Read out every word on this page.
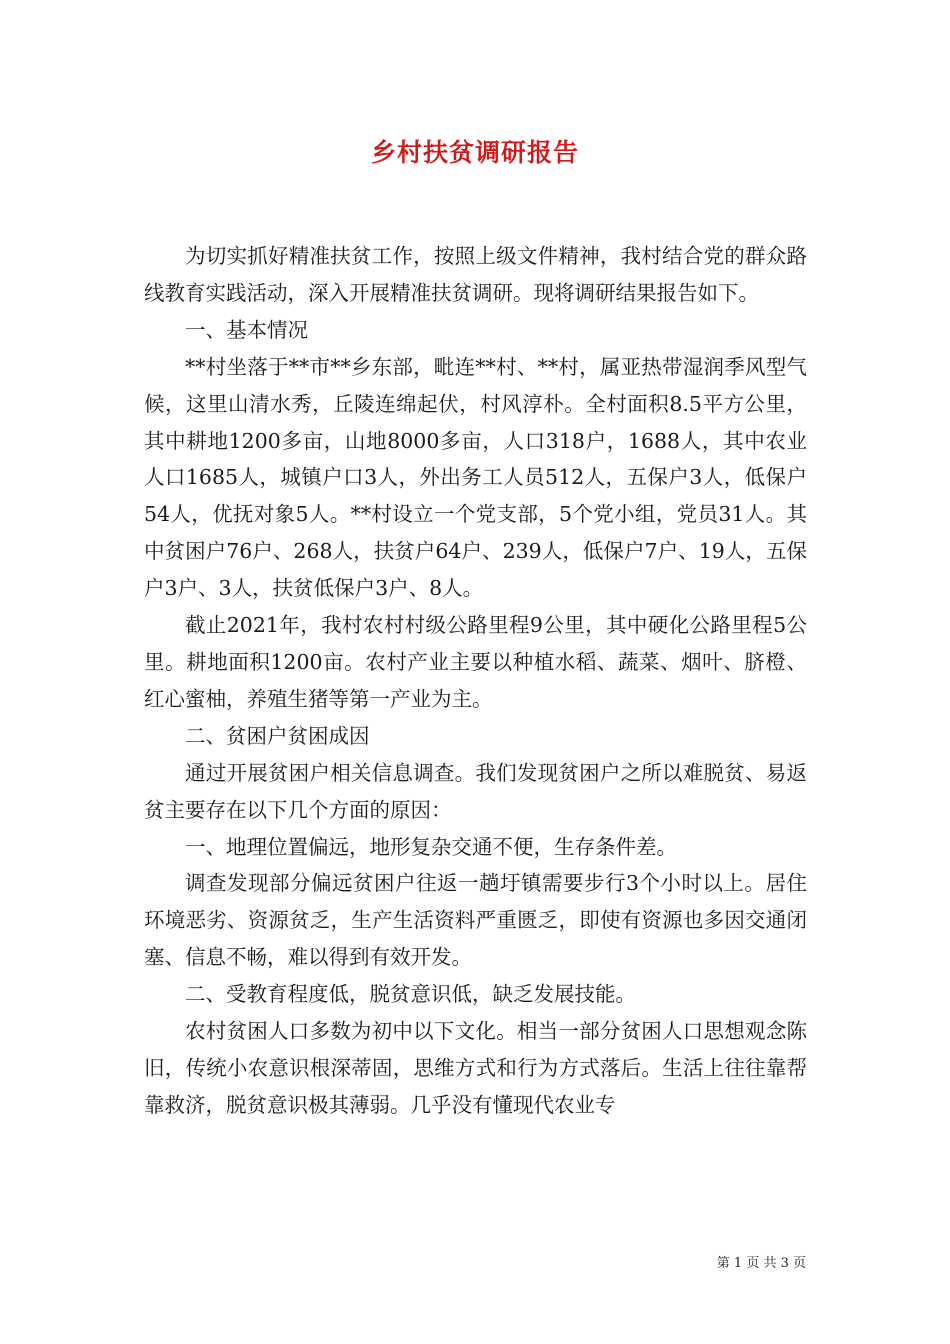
乡村扶贫调研报告

为切实抓好精准扶贫工作，按照上级文件精神，我村结合党的群众路线教育实践活动，深入开展精准扶贫调研。现将调研结果报告如下。

一、基本情况

**村坐落于**市**乡东部，毗连**村、**村，属亚热带湿润季风型气候，这里山清水秀，丘陵连绵起伏，村风淳朴。全村面积8.5平方公里，其中耕地1200多亩，山地8000多亩，人口318户，1688人，其中农业人口1685人，城镇户口3人，外出务工人员512人，五保户3人，低保户54人，优抚对象5人。**村设立一个党支部，5个党小组，党员31人。其中贫困户76户、268人，扶贫户64户、239人，低保户7户、19人，五保户3户、3人，扶贫低保户3户、8人。

截止2021年，我村农村村级公路里程9公里，其中硬化公路里程5公里。耕地面积1200亩。农村产业主要以种植水稻、蔬菜、烟叶、脐橙、红心蜜柚，养殖生猪等第一产业为主。

二、贫困户贫困成因

通过开展贫困户相关信息调查。我们发现贫困户之所以难脱贫、易返贫主要存在以下几个方面的原因：

一、地理位置偏远，地形复杂交通不便，生存条件差。

调查发现部分偏远贫困户往返一趟圩镇需要步行3个小时以上。居住环境恶劣、资源贫乏，生产生活资料严重匮乏，即使有资源也多因交通闭塞、信息不畅，难以得到有效开发。

二、受教育程度低，脱贫意识低，缺乏发展技能。

农村贫困人口多数为初中以下文化。相当一部分贫困人口思想观念陈旧，传统小农意识根深蒂固，思维方式和行为方式落后。生活上往往靠帮靠救济，脱贫意识极其薄弱。几乎没有懂现代农业专

第 1 页 共 3 页
